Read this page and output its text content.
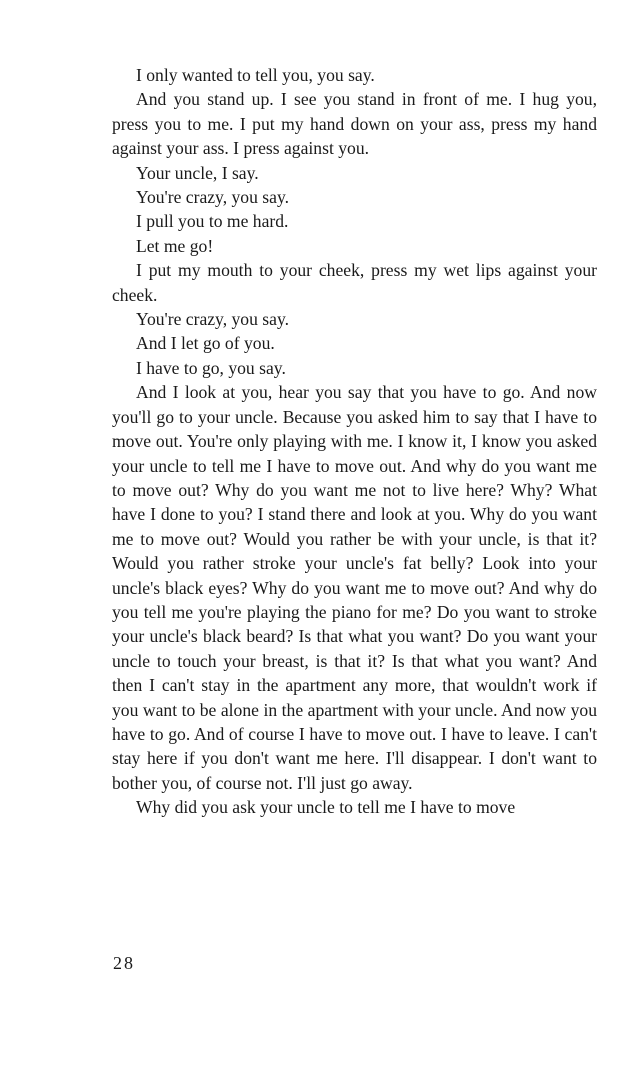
I only wanted to tell you, you say.

And you stand up. I see you stand in front of me. I hug you, press you to me. I put my hand down on your ass, press my hand against your ass. I press against you.

Your uncle, I say.

You're crazy, you say.

I pull you to me hard.

Let me go!

I put my mouth to your cheek, press my wet lips against your cheek.

You're crazy, you say.

And I let go of you.

I have to go, you say.

And I look at you, hear you say that you have to go. And now you'll go to your uncle. Because you asked him to say that I have to move out. You're only playing with me. I know it, I know you asked your uncle to tell me I have to move out. And why do you want me to move out? Why do you want me not to live here? Why? What have I done to you? I stand there and look at you. Why do you want me to move out? Would you rather be with your uncle, is that it? Would you rather stroke your uncle's fat belly? Look into your uncle's black eyes? Why do you want me to move out? And why do you tell me you're playing the piano for me? Do you want to stroke your uncle's black beard? Is that what you want? Do you want your uncle to touch your breast, is that it? Is that what you want? And then I can't stay in the apartment any more, that wouldn't work if you want to be alone in the apartment with your uncle. And now you have to go. And of course I have to move out. I have to leave. I can't stay here if you don't want me here. I'll disappear. I don't want to bother you, of course not. I'll just go away.

Why did you ask your uncle to tell me I have to move

28
